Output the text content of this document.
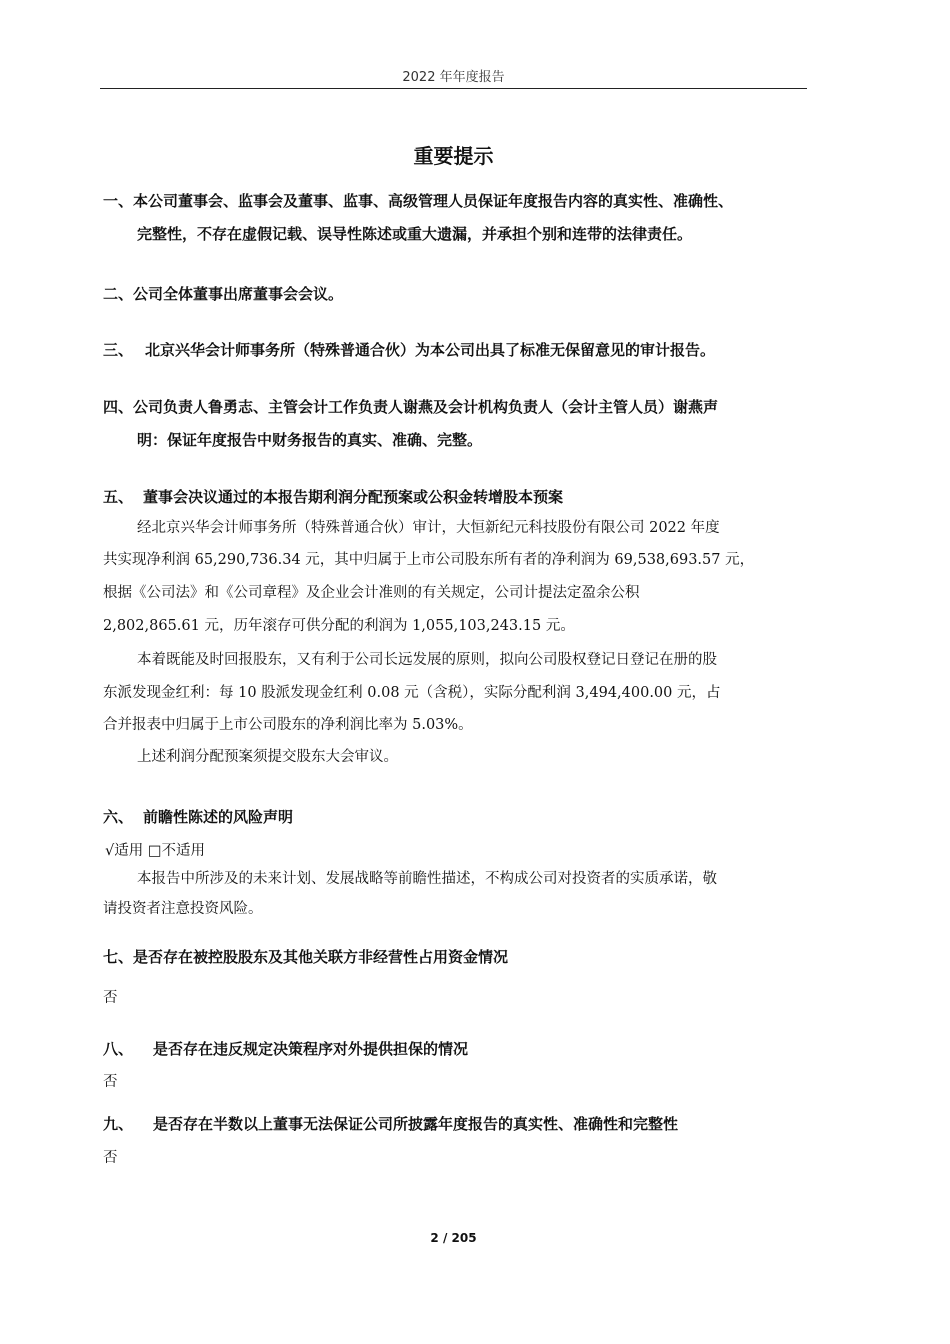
2022 年年度报告
重要提示
一、本公司董事会、监事会及董事、监事、高级管理人员保证年度报告内容的真实性、准确性、
完整性，不存在虚假记载、误导性陈述或重大遗漏，并承担个别和连带的法律责任。
二、公司全体董事出席董事会会议。
三、 北京兴华会计师事务所（特殊普通合伙）为本公司出具了标准无保留意见的审计报告。
四、公司负责人鲁勇志、主管会计工作负责人谢燕及会计机构负责人（会计主管人员）谢燕声
明：保证年度报告中财务报告的真实、准确、完整。
五、 董事会决议通过的本报告期利润分配预案或公积金转增股本预案
经北京兴华会计师事务所（特殊普通合伙）审计，大恒新纪元科技股份有限公司 2022 年度
共实现净利润 65,290,736.34 元，其中归属于上市公司股东所有者的净利润为 69,538,693.57 元，
根据《公司法》和《公司章程》及企业会计准则的有关规定，公司计提法定盈余公积
2,802,865.61 元，历年滚存可供分配的利润为 1,055,103,243.15 元。
本着既能及时回报股东，又有利于公司长远发展的原则，拟向公司股权登记日登记在册的股
东派发现金红利：每 10 股派发现金红利 0.08 元（含税），实际分配利润 3,494,400.00 元，占
合并报表中归属于上市公司股东的净利润比率为 5.03%。
上述利润分配预案须提交股东大会审议。
六、 前瞻性陈述的风险声明
√适用 □不适用
本报告中所涉及的未来计划、发展战略等前瞻性描述，不构成公司对投资者的实质承诺，敬
请投资者注意投资风险。
七、是否存在被控股股东及其他关联方非经营性占用资金情况
否
八、 是否存在违反规定决策程序对外提供担保的情况
否
九、 是否存在半数以上董事无法保证公司所披露年度报告的真实性、准确性和完整性
否
2 / 205
